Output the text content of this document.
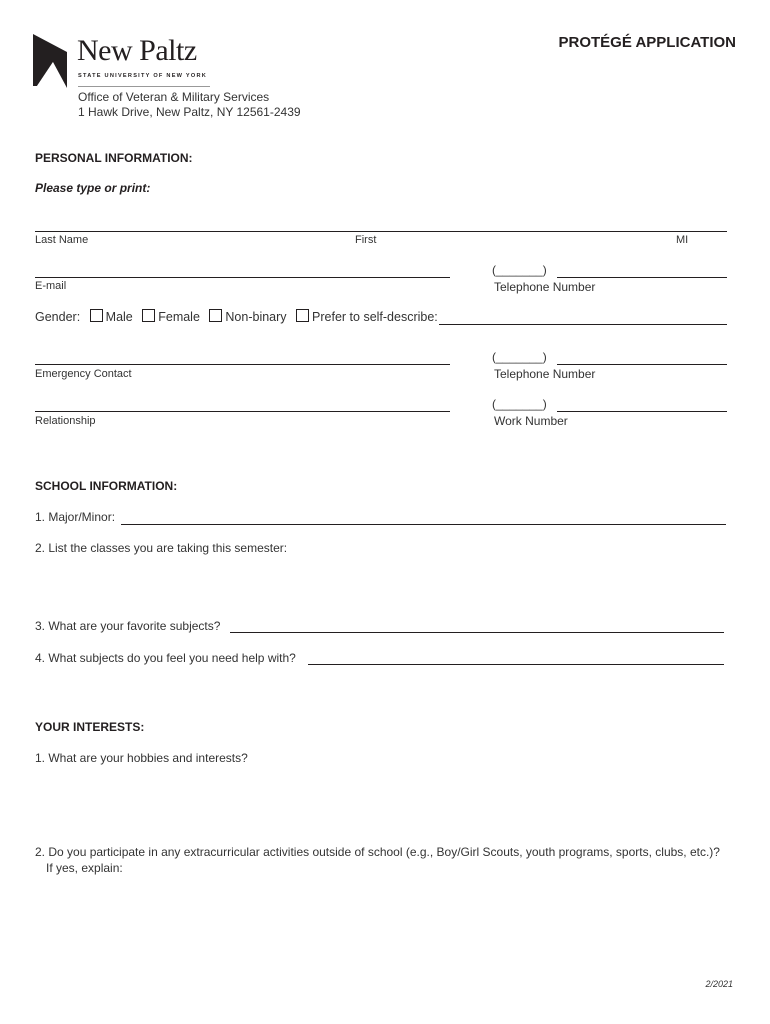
New Paltz
STATE UNIVERSITY OF NEW YORK
PROTÉGÉ APPLICATION
Office of Veteran & Military Services
1 Hawk Drive, New Paltz, NY 12561-2439
PERSONAL INFORMATION:
Please type or print:
Last Name	First	MI
E-mail
(_______)
Telephone Number
Gender: Male Female Non-binary Prefer to self-describe:
Emergency Contact
(_______)
Telephone Number
Relationship
(_______)
Work Number
SCHOOL INFORMATION:
1. Major/Minor:
2. List the classes you are taking this semester:
3. What are your favorite subjects?
4. What subjects do you feel you need help with?
YOUR INTERESTS:
1. What are your hobbies and interests?
2. Do you participate in any extracurricular activities outside of school (e.g., Boy/Girl Scouts, youth programs, sports, clubs, etc.)?
If yes, explain:
2/2021
